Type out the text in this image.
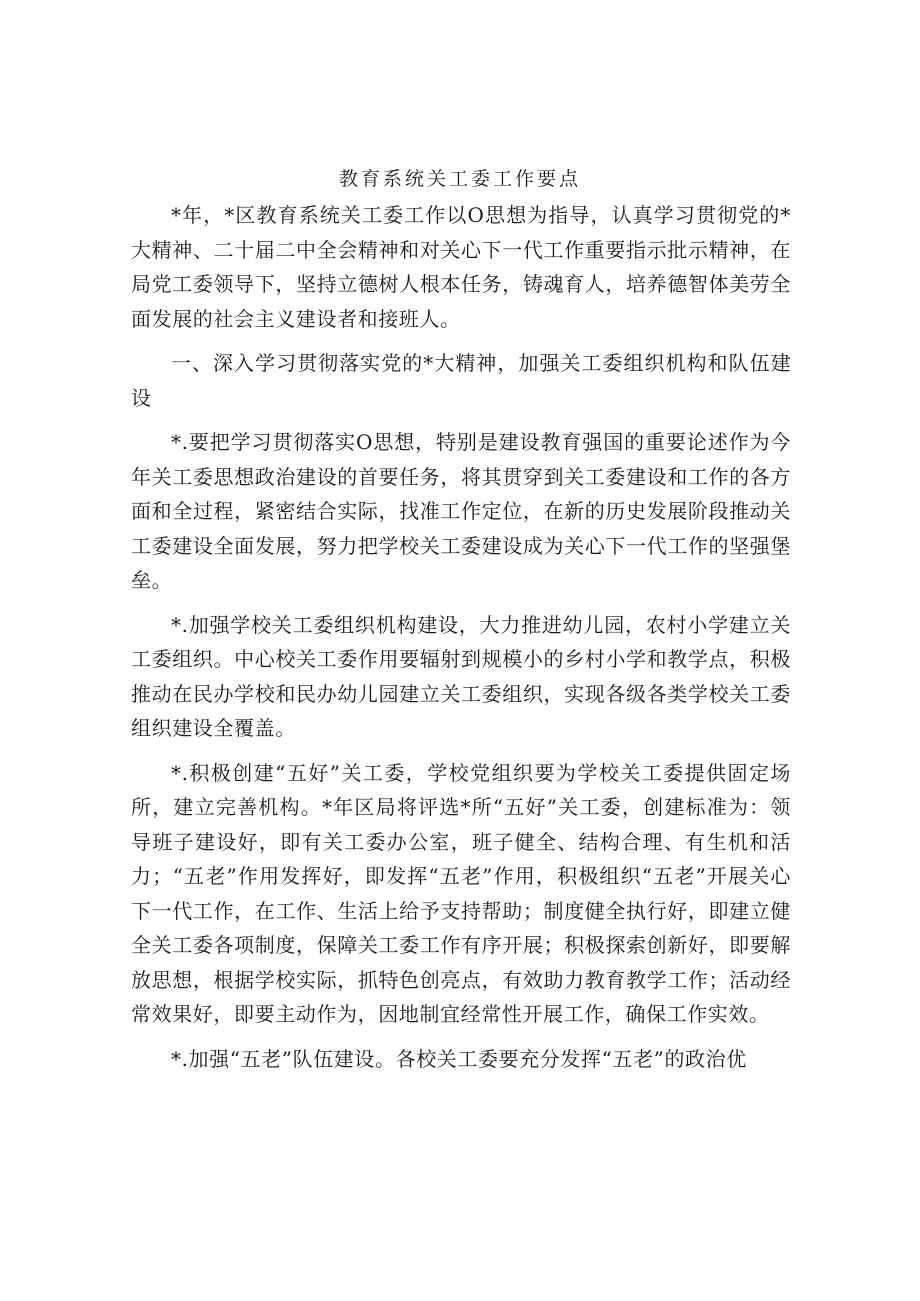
教育系统关工委工作要点

*年，*区教育系统关工委工作以O思想为指导，认真学习贯彻党的*大精神、二十届二中全会精神和对关心下一代工作重要指示批示精神，在局党工委领导下，坚持立德树人根本任务，铸魂育人，培养德智体美劳全面发展的社会主义建设者和接班人。

一、深入学习贯彻落实党的*大精神，加强关工委组织机构和队伍建设

*.要把学习贯彻落实O思想，特别是建设教育强国的重要论述作为今年关工委思想政治建设的首要任务，将其贯穿到关工委建设和工作的各方面和全过程，紧密结合实际，找准工作定位，在新的历史发展阶段推动关工委建设全面发展，努力把学校关工委建设成为关心下一代工作的坚强堡垒。

*.加强学校关工委组织机构建设，大力推进幼儿园，农村小学建立关工委组织。中心校关工委作用要辐射到规模小的乡村小学和教学点，积极推动在民办学校和民办幼儿园建立关工委组织，实现各级各类学校关工委组织建设全覆盖。

*.积极创建“五好”关工委，学校党组织要为学校关工委提供固定场所，建立完善机构。*年区局将评选*所“五好”关工委，创建标准为：领导班子建设好，即有关工委办公室，班子健全、结构合理、有生机和活力；“五老”作用发挥好，即发挥“五老”作用，积极组织“五老”开展关心下一代工作，在工作、生活上给予支持帮助；制度健全执行好，即建立健全关工委各项制度，保障关工委工作有序开展；积极探索创新好，即要解放思想，根据学校实际，抓特色创亮点，有效助力教育教学工作；活动经常效果好，即要主动作为，因地制宜经常性开展工作，确保工作实效。

*.加强“五老”队伍建设。各校关工委要充分发挥“五老”的政治优
